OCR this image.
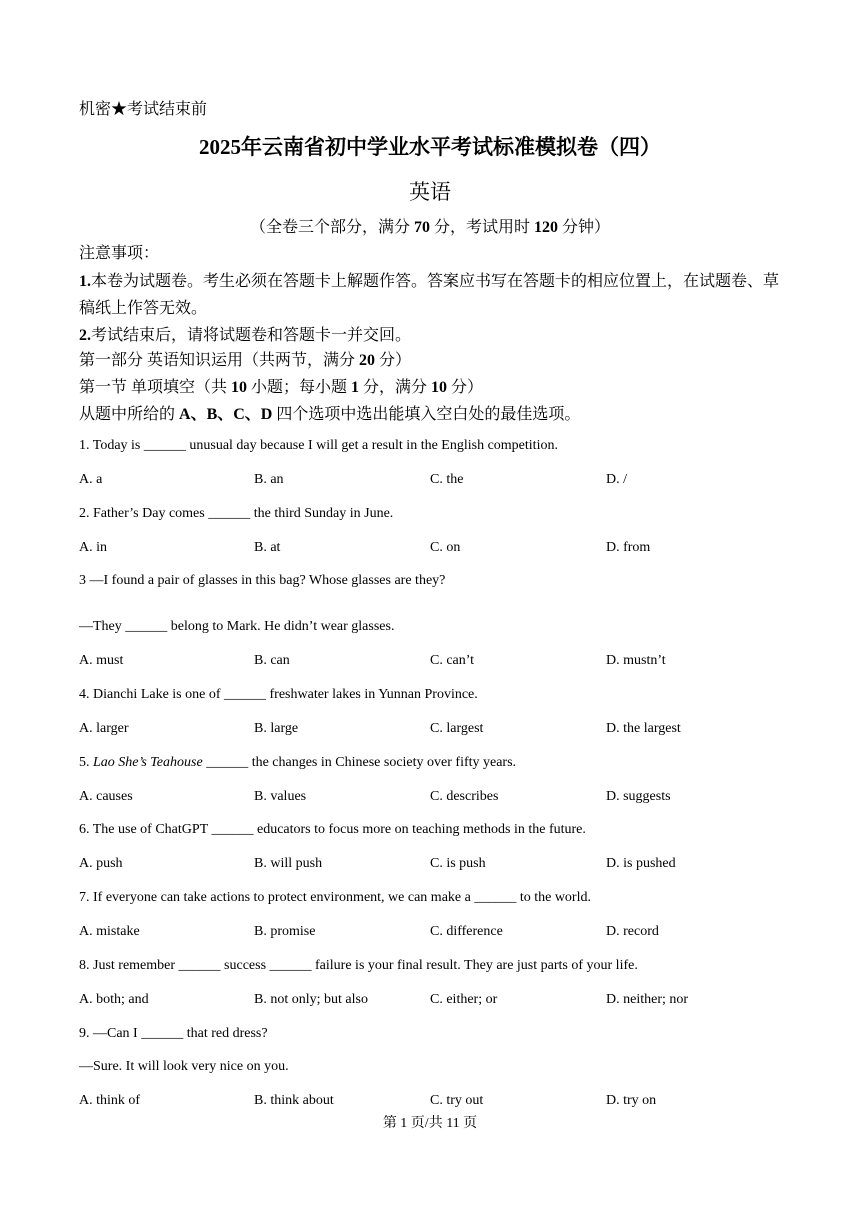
机密★考试结束前
2025年云南省初中学业水平考试标准模拟卷（四）
英语
（全卷三个部分，满分 70 分，考试用时 120 分钟）
注意事项：
1.本卷为试题卷。考生必须在答题卡上解题作答。答案应书写在答题卡的相应位置上，在试题卷、草稿纸上作答无效。
2.考试结束后，请将试题卷和答题卡一并交回。
第一部分 英语知识运用（共两节，满分 20 分）
第一节 单项填空（共 10 小题；每小题 1 分，满分 10 分）
从题中所给的 A、B、C、D 四个选项中选出能填入空白处的最佳选项。
1. Today is ______ unusual day because I will get a result in the English competition.
A. a	B. an	C. the	D. /
2. Father’s Day comes ______ the third Sunday in June.
A. in	B. at	C. on	D. from
3 —I found a pair of glasses in this bag? Whose glasses are they?
—They ______ belong to Mark. He didn’t wear glasses.
A. must	B. can	C. can’t	D. mustn’t
4. Dianchi Lake is one of ______ freshwater lakes in Yunnan Province.
A. larger	B. large	C. largest	D. the largest
5. Lao She’s Teahouse ______ the changes in Chinese society over fifty years.
A. causes	B. values	C. describes	D. suggests
6. The use of ChatGPT ______ educators to focus more on teaching methods in the future.
A. push	B. will push	C. is push	D. is pushed
7. If everyone can take actions to protect environment, we can make a ______ to the world.
A. mistake	B. promise	C. difference	D. record
8. Just remember ______ success ______ failure is your final result. They are just parts of your life.
A. both; and	B. not only; but also	C. either; or	D. neither; nor
9. —Can I ______ that red dress?
—Sure. It will look very nice on you.
A. think of	B. think about	C. try out	D. try on
第 1 页/共 11 页
